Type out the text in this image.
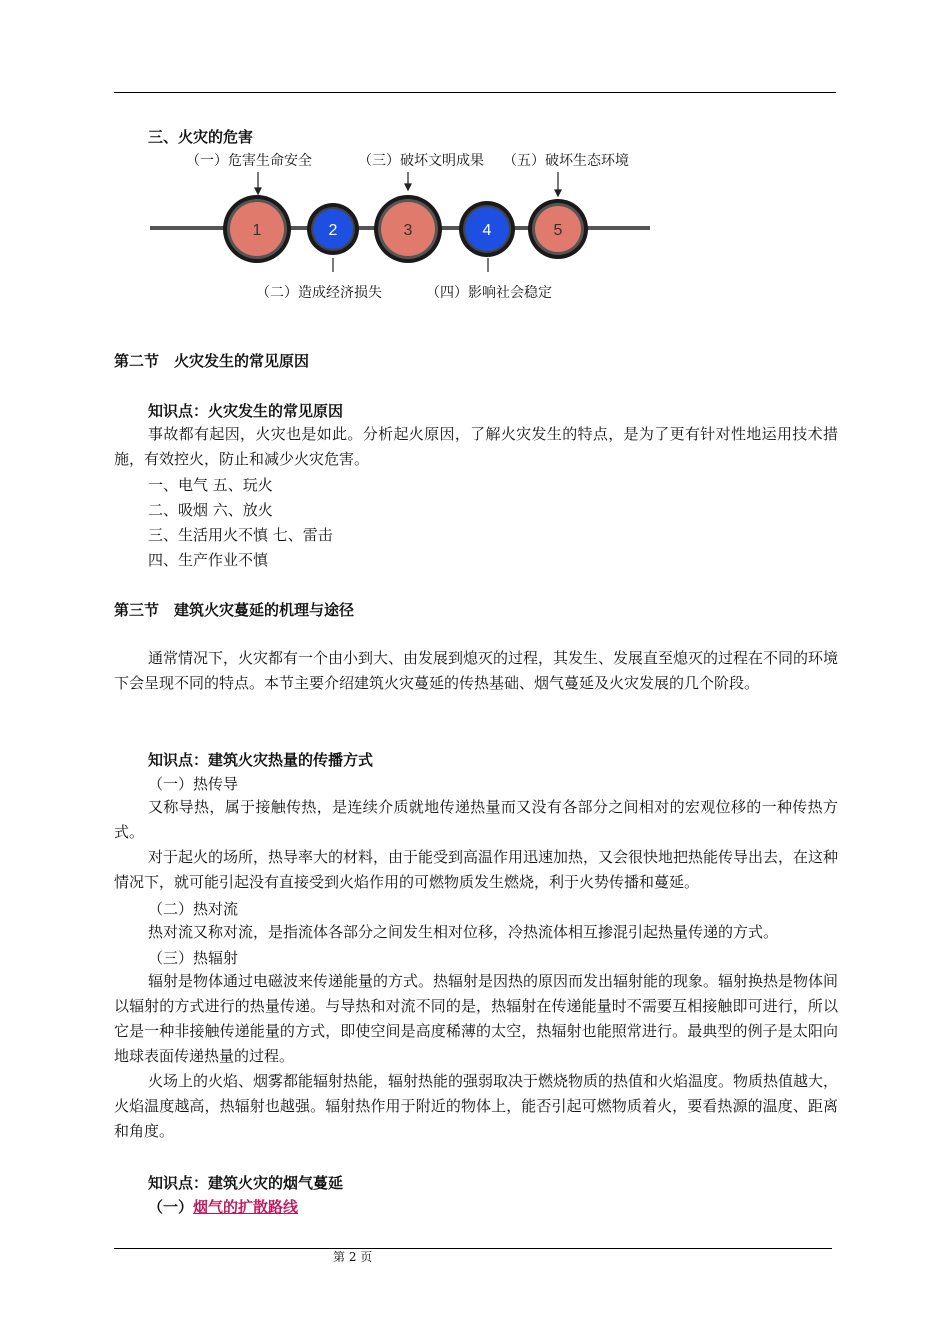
三、火灾的危害
（一）危害生命安全	（三）破坏文明成果 （五）破坏生态环境
1	2	3	4	5
（二）造成经济损失	（四）影响社会稳定
第二节　火灾发生的常见原因
知识点：火灾发生的常见原因
事故都有起因，火灾也是如此。分析起火原因，了解火灾发生的特点，是为了更有针对性地运用技术措施，有效控火，防止和减少火灾危害。
一、电气 五、玩火
二、吸烟 六、放火
三、生活用火不慎 七、雷击
四、生产作业不慎
第三节　建筑火灾蔓延的机理与途径
通常情况下，火灾都有一个由小到大、由发展到熄灭的过程，其发生、发展直至熄灭的过程在不同的环境下会呈现不同的特点。本节主要介绍建筑火灾蔓延的传热基础、烟气蔓延及火灾发展的几个阶段。
知识点：建筑火灾热量的传播方式
（一）热传导
又称导热，属于接触传热，是连续介质就地传递热量而又没有各部分之间相对的宏观位移的一种传热方式。
对于起火的场所，热导率大的材料，由于能受到高温作用迅速加热，又会很快地把热能传导出去，在这种情况下，就可能引起没有直接受到火焰作用的可燃物质发生燃烧，利于火势传播和蔓延。
（二）热对流
热对流又称对流，是指流体各部分之间发生相对位移，冷热流体相互掺混引起热量传递的方式。
（三）热辐射
辐射是物体通过电磁波来传递能量的方式。热辐射是因热的原因而发出辐射能的现象。辐射换热是物体间以辐射的方式进行的热量传递。与导热和对流不同的是，热辐射在传递能量时不需要互相接触即可进行，所以它是一种非接触传递能量的方式，即使空间是高度稀薄的太空，热辐射也能照常进行。最典型的例子是太阳向地球表面传递热量的过程。
火场上的火焰、烟雾都能辐射热能，辐射热能的强弱取决于燃烧物质的热值和火焰温度。物质热值越大，火焰温度越高，热辐射也越强。辐射热作用于附近的物体上，能否引起可燃物质着火，要看热源的温度、距离和角度。
知识点：建筑火灾的烟气蔓延
（一）烟气的扩散路线
第 2 页
